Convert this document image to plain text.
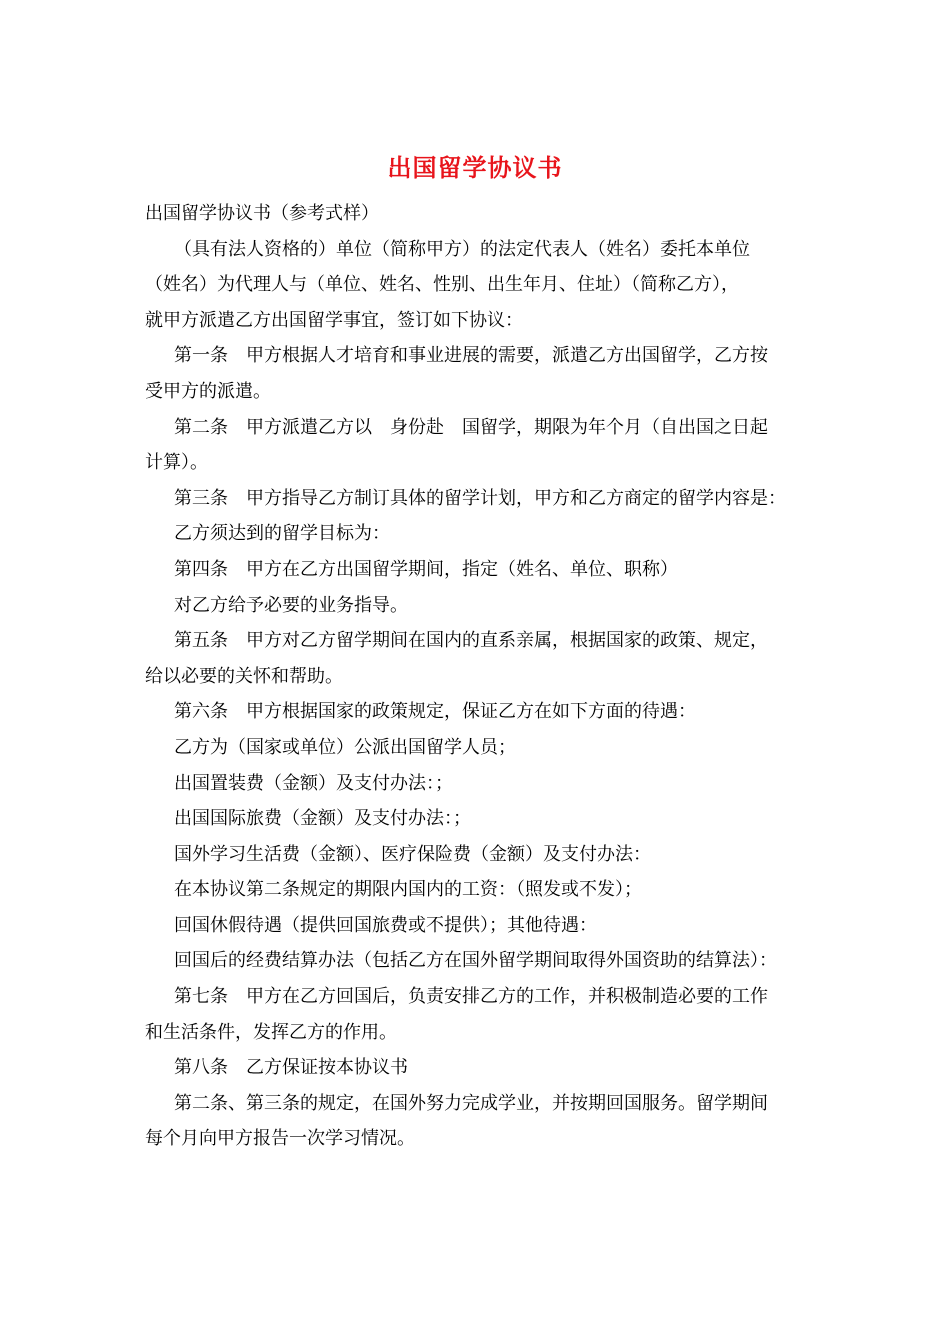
出国留学协议书
出国留学协议书（参考式样）
（具有法人资格的）单位（简称甲方）的法定代表人（姓名）委托本单位
（姓名）为代理人与（单位、姓名、性别、出生年月、住址）（简称乙方），
就甲方派遣乙方出国留学事宜，签订如下协议：
第一条　甲方根据人才培育和事业进展的需要，派遣乙方出国留学，乙方按
受甲方的派遣。
第二条　甲方派遣乙方以　身份赴　国留学，期限为年个月（自出国之日起
计算）。
第三条　甲方指导乙方制订具体的留学计划，甲方和乙方商定的留学内容是：
乙方须达到的留学目标为：
第四条　甲方在乙方出国留学期间，指定（姓名、单位、职称）
对乙方给予必要的业务指导。
第五条　甲方对乙方留学期间在国内的直系亲属，根据国家的政策、规定，
给以必要的关怀和帮助。
第六条　甲方根据国家的政策规定，保证乙方在如下方面的待遇：
乙方为（国家或单位）公派出国留学人员；
出国置装费（金额）及支付办法：；
出国国际旅费（金额）及支付办法：；
国外学习生活费（金额）、医疗保险费（金额）及支付办法：
在本协议第二条规定的期限内国内的工资：（照发或不发）；
回国休假待遇（提供回国旅费或不提供）；其他待遇：
回国后的经费结算办法（包括乙方在国外留学期间取得外国资助的结算法）：
第七条　甲方在乙方回国后，负责安排乙方的工作，并积极制造必要的工作
和生活条件，发挥乙方的作用。
第八条　乙方保证按本协议书
第二条、第三条的规定，在国外努力完成学业，并按期回国服务。留学期间
每个月向甲方报告一次学习情况。
